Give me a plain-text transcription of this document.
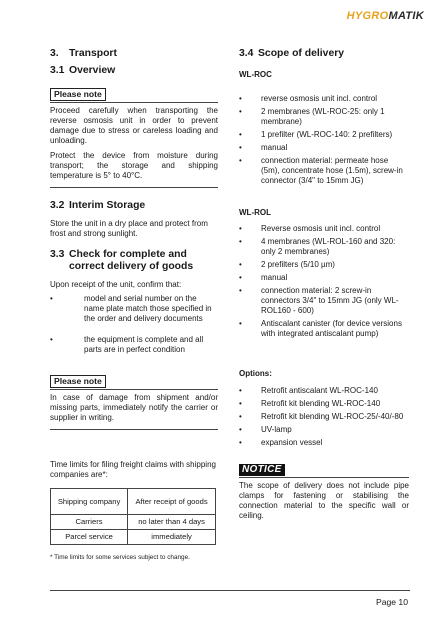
HYGROMATIK
3. Transport
3.1 Overview
Please note

Proceed carefully when transporting the reverse osmosis unit in order to prevent damage due to stress or careless loading and unloading.

Protect the device from moisture during transport; the storage and shipping temperature is 5° to 40°C.

3.2 Interim Storage

Store the unit in a dry place and protect from frost and strong sunlight.

3.3 Check for complete and correct delivery of goods

Upon receipt of the unit, confirm that:

• model and serial number on the name plate match those specified in the order and delivery documents
• the equipment is complete and all parts are in perfect condition
Please note

In case of damage from shipment and/or missing parts, immediately notify the carrier or supplier in writing.

Time limits for filing freight claims with shipping companies are*:

Shipping company	After receipt of goods
Carriers	no later than 4 days
Parcel service	immediately

* Time limits for some services subject to change.

3.4 Scope of delivery
WL-ROC
• reverse osmosis unit incl. control
• 2 membranes (WL-ROC-25: only 1 membrane)
• 1 prefilter (WL-ROC-140: 2 prefilters)
• manual
• connection material: permeate hose (5m), concentrate hose (1.5m), screw-in connector (3/4" to 15mm JG)
WL-ROL
• Reverse osmosis unit incl. control
• 4 membranes (WL-ROL-160 and 320: only 2 membranes)
• 2 prefilters (5/10 µm)
• manual
• connection material: 2 screw-in connectors 3/4" to 15mm JG (only WL-ROL160 - 600)
• Antiscalant canister (for device versions with integrated antiscalant pump)
Options:
• Retrofit antiscalant WL-ROC-140
• Retrofit kit blending WL-ROC-140
• Retrofit kit blending WL-ROC-25/-40/-80
• UV-lamp
• expansion vessel
NOTICE

The scope of delivery does not include pipe clamps for fastening or stabilising the connection material to the specific wall or ceiling.

Page 10
